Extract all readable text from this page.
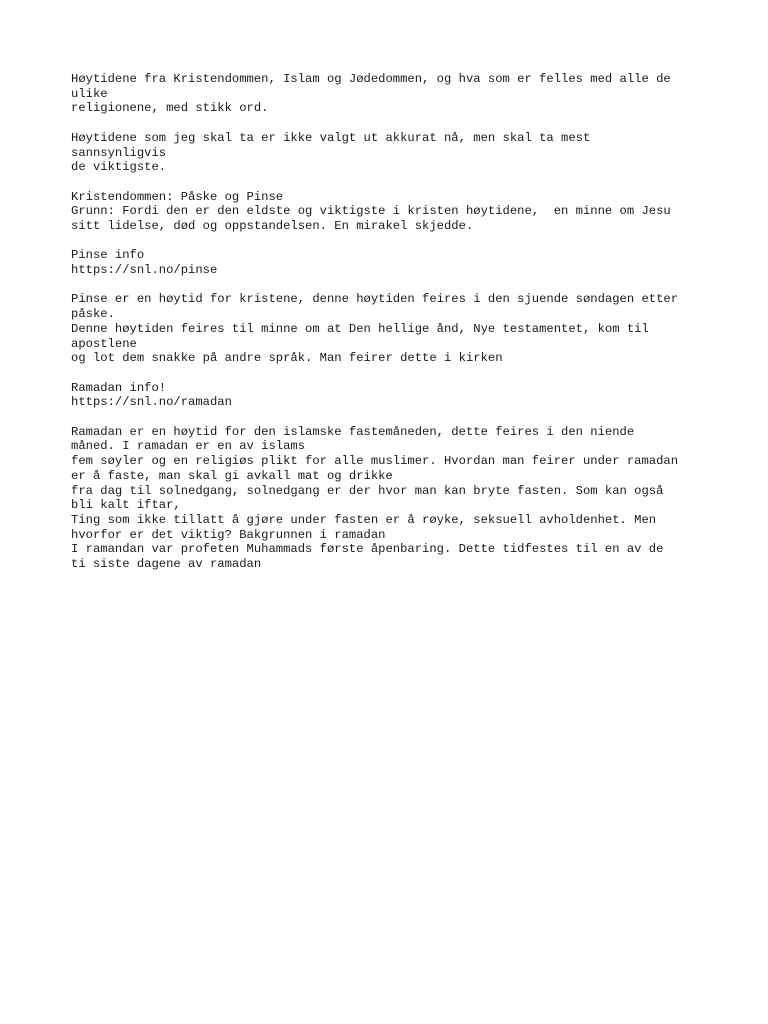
Høytidene fra Kristendommen, Islam og Jødedommen, og hva som er felles med alle de
ulike
religionene, med stikk ord.

Høytidene som jeg skal ta er ikke valgt ut akkurat nå, men skal ta mest
sannsynligvis
de viktigste.

Kristendommen: Påske og Pinse
Grunn: Fordi den er den eldste og viktigste i kristen høytidene,  en minne om Jesu
sitt lidelse, død og oppstandelsen. En mirakel skjedde.

Pinse info
https://snl.no/pinse

Pinse er en høytid for kristene, denne høytiden feires i den sjuende søndagen etter
påske.
Denne høytiden feires til minne om at Den hellige ånd, Nye testamentet, kom til
apostlene
og lot dem snakke på andre språk. Man feirer dette i kirken

Ramadan info!
https://snl.no/ramadan

Ramadan er en høytid for den islamske fastemåneden, dette feires i den niende
måned. I ramadan er en av islams
fem søyler og en religiøs plikt for alle muslimer. Hvordan man feirer under ramadan
er å faste, man skal gi avkall mat og drikke
fra dag til solnedgang, solnedgang er der hvor man kan bryte fasten. Som kan også
bli kalt iftar,
Ting som ikke tillatt å gjøre under fasten er å røyke, seksuell avholdenhet. Men
hvorfor er det viktig? Bakgrunnen i ramadan
I ramandan var profeten Muhammads første åpenbaring. Dette tidfestes til en av de
ti siste dagene av ramadan
